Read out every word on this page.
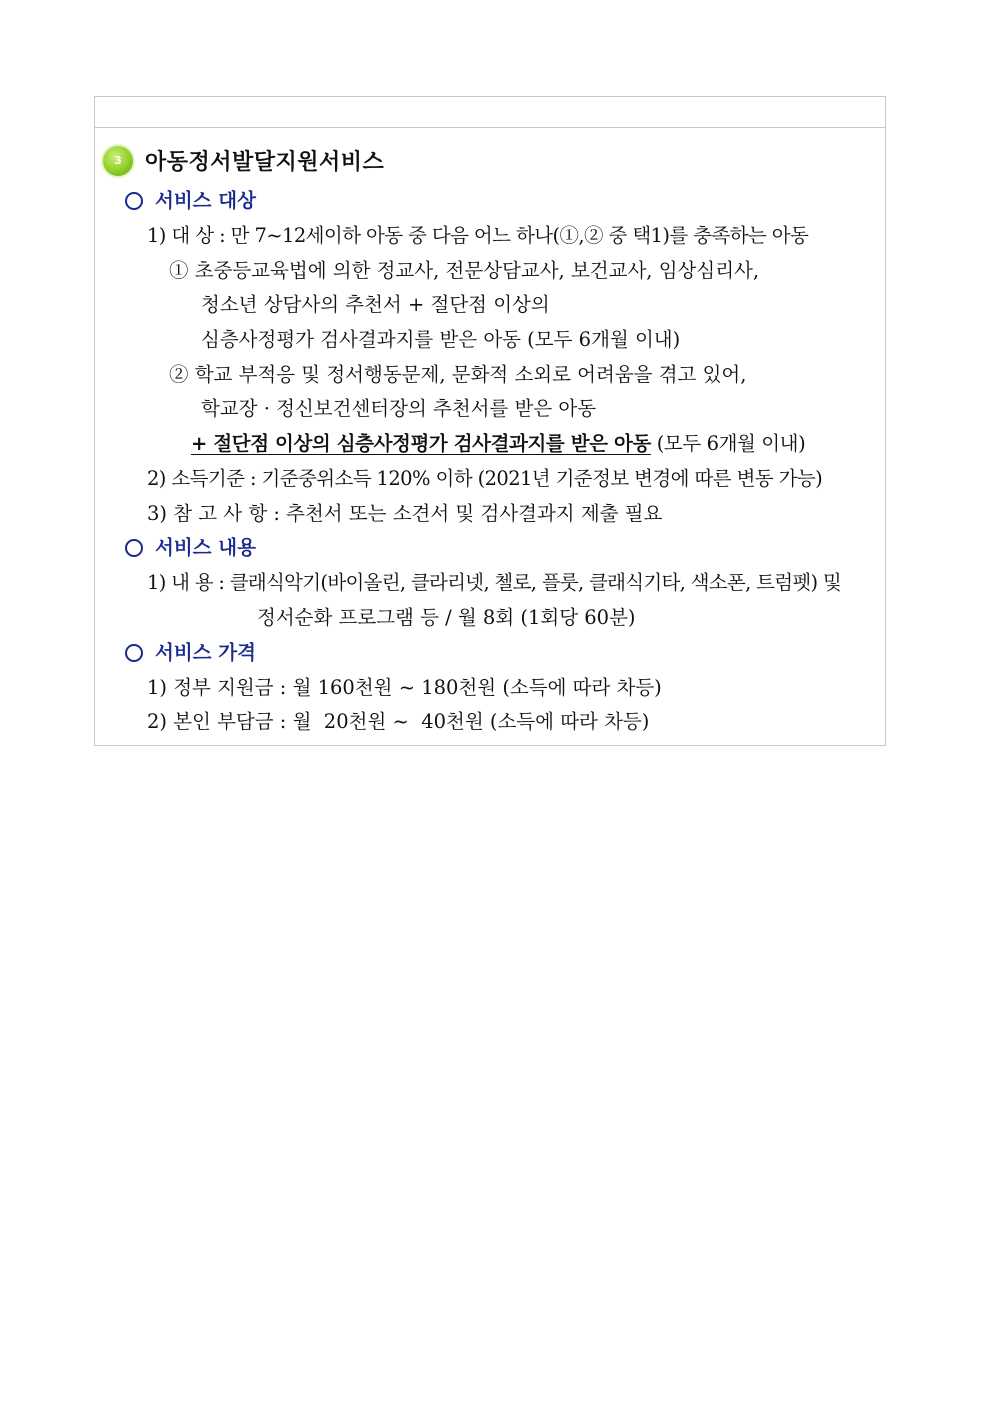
3	아동정서발달지원서비스
서비스 대상
1) 대 상 : 만 7~12세이하 아동 중 다음 어느 하나(①,② 중 택1)를 충족하는 아동
① 초중등교육법에 의한 정교사, 전문상담교사, 보건교사, 임상심리사,
청소년 상담사의 추천서 + 절단점 이상의
심층사정평가 검사결과지를 받은 아동 (모두 6개월 이내)
② 학교 부적응 및 정서행동문제, 문화적 소외로 어려움을 겪고 있어,
학교장 · 정신보건센터장의 추천서를 받은 아동
+ 절단점 이상의 심층사정평가 검사결과지를 받은 아동 (모두 6개월 이내)
2) 소득기준 : 기준중위소득 120% 이하 (2021년 기준정보 변경에 따른 변동 가능)
3) 참 고 사 항 : 추천서 또는 소견서 및 검사결과지 제출 필요
서비스 내용
1) 내 용 : 클래식악기(바이올린, 클라리넷, 첼로, 플룻, 클래식기타, 색소폰, 트럼펫) 및
정서순화 프로그램 등 / 월 8회 (1회당 60분)
서비스 가격
1) 정부 지원금 : 월 160천원 ~ 180천원 (소득에 따라 차등)
2) 본인 부담금 : 월  20천원 ~  40천원 (소득에 따라 차등)
